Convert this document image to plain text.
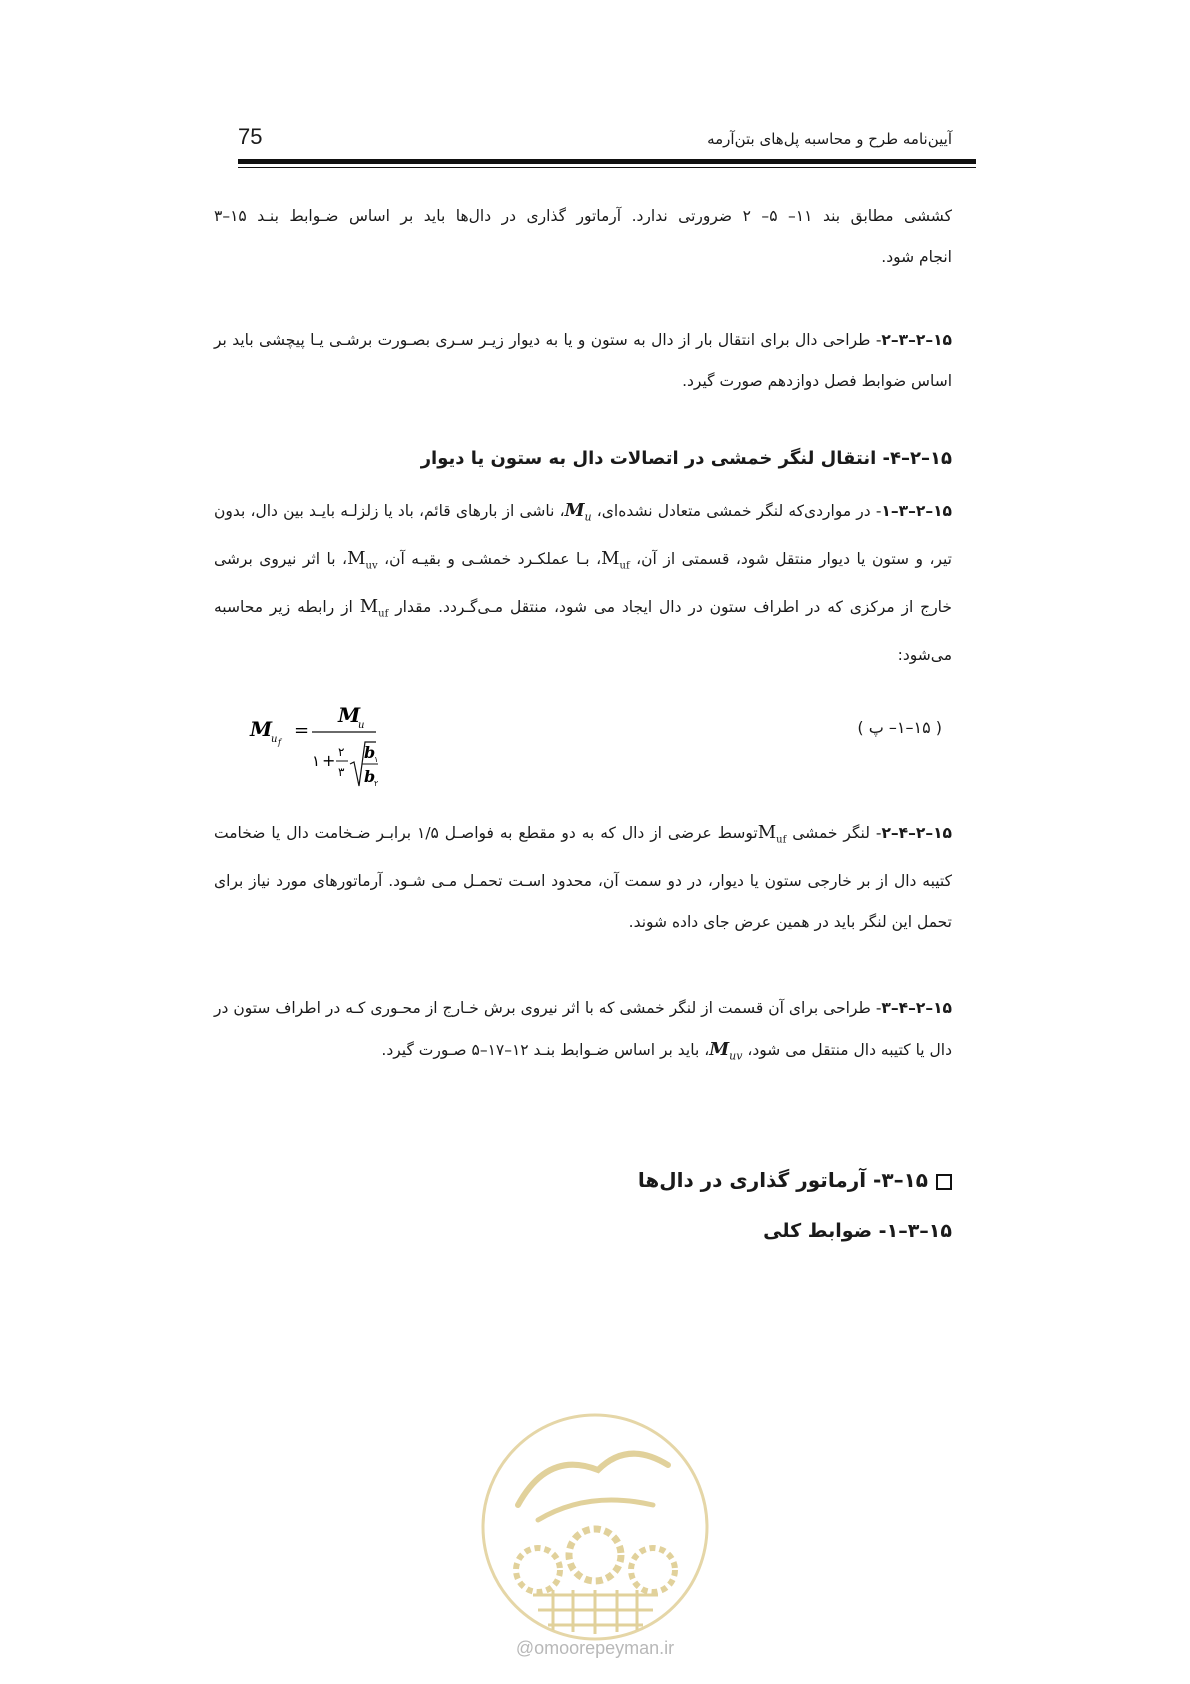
75	آیین‌نامه طرح و محاسبه پل‌های بتن‌آرمه
کششی مطابق بند ۱۱– ۵– ۲ ضرورتی ندارد. آرماتور گذاری در دال‌ها باید بر اساس ضـوابط بنـد ۱۵–۳
انجام شود.
۱۵–۲–۳–۲- طراحی دال برای انتقال بار از دال به ستون و یا به دیوار زیـر سـری بصـورت برشـی یـا پیچشی باید بر اساس ضوابط فصل دوازدهم صورت گیرد.
۱۵–۲–۴- انتقال لنگر خمشی در اتصالات دال به ستون یا دیوار
۱۵–۲–۳–۱- در مواردی‌که لنگر خمشی متعادل نشده‌ای، $M_u،$ ناشی از بارهای قائم، باد یا زلزلـه بایـد بین دال، بدون تیر، و ستون یا دیوار منتقل شود، قسمتی از آن، $M_{uf}،$ بـا عملکـرد خمشـی و بقیـه آن، $M_{uv}،$ با اثر نیروی برشی خارج از مرکزی که در اطراف ستون در دال ایجاد می شود، منتقل مـی‌گـردد. مقدار $M_{uf}$ از رابطه زیر محاسبه می‌شود:
M
u f
=
M
u
۱ + ۲
۳
b
۱
b
۲
( ۱۵–۱– پ )
۱۵–۲–۴–۲- لنگر خمشی $M_{uf}توسط$ عرضی از دال که به دو مقطع به فواصـل ۱/۵ برابـر ضـخامت دال یا ضخامت کتیبه دال از بر خارجی ستون یا دیوار، در دو سمت آن، محدود اسـت تحمـل مـی شـود. آرماتورهای مورد نیاز برای تحمل این لنگر باید در همین عرض جای داده شوند.
۱۵–۲–۴–۳- طراحی برای آن قسمت از لنگر خمشی که با اثر نیروی برش خـارج از محـوری کـه در اطراف ستون در دال یا کتیبه دال منتقل می شود، $M_{uv}،$ باید بر اساس ضـوابط بنـد ۱۲–۱۷–۵ صـورت گیرد.
۱۵–۳- آرماتور گذاری در دال‌ها
۱۵–۳–۱- ضوابط کلی
@omoorepeyman.ir
